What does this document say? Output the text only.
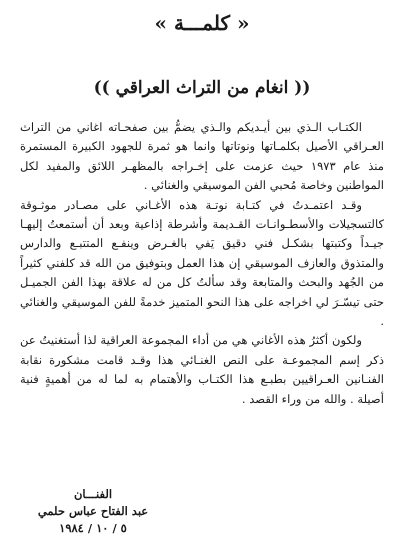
« كلمـــة »
(( انغام من التراث العراقي ))

الكتـاب الـذي بين أيـديكم والـذي يضمُّ بين صفحـاته اغاني من التراث العـراقي الأصيل بكلمـاتها ونوتاتها وانما هو ثمرة للجهود الكبيرة المستمرة منذ عام ١٩٧٣ حيث عزمت على إخـراجه بالمظهـر اللائق والمفيد لكل المواطنين وخاصة مُحبي الفن الموسيقي والغنائي .

وقـد اعتمـدتُ في كتـابة نوتـة هذه الأغـاني على مصـادر موثـوقة كالتسجيلات والأسطـوانـات القـديمة وأشرطة إذاعية وبعد أن أستمعتُ إليهـا جيـداً وكتبتها بشكـل فني دقيق يَفي بالغـرض وينفـع المتتبـع والدارس والمتذوق والعازف الموسيقي إن هذا العمل وبتوفيق من الله قد كلفني كثيراً من الجُهد والبحث والمتابعة وقد سألتُ كل من له علاقة بهذا الفن الجميـل حتى تيسّـرَ لي اخراجه على هذا النحو المتميز خدمةً للفن الموسيقي والغنائي .

ولكون أكثرُ هذه الأغاني هي من أداء المجموعة العراقية لذا أستغنيتُ عن ذكر إسم المجموعـة على النص الغنـائي هذا وقـد قامت مشكورة نقابة الفنـانين العـراقيين بطبـع هذا الكتـاب والأهتمام به لما له من أهميةٍ فنية أصيلة . والله من وراء القصد .

الفنـــان
عبد الفتاح عباس حلمي
٥ / ١٠ / ١٩٨٤
